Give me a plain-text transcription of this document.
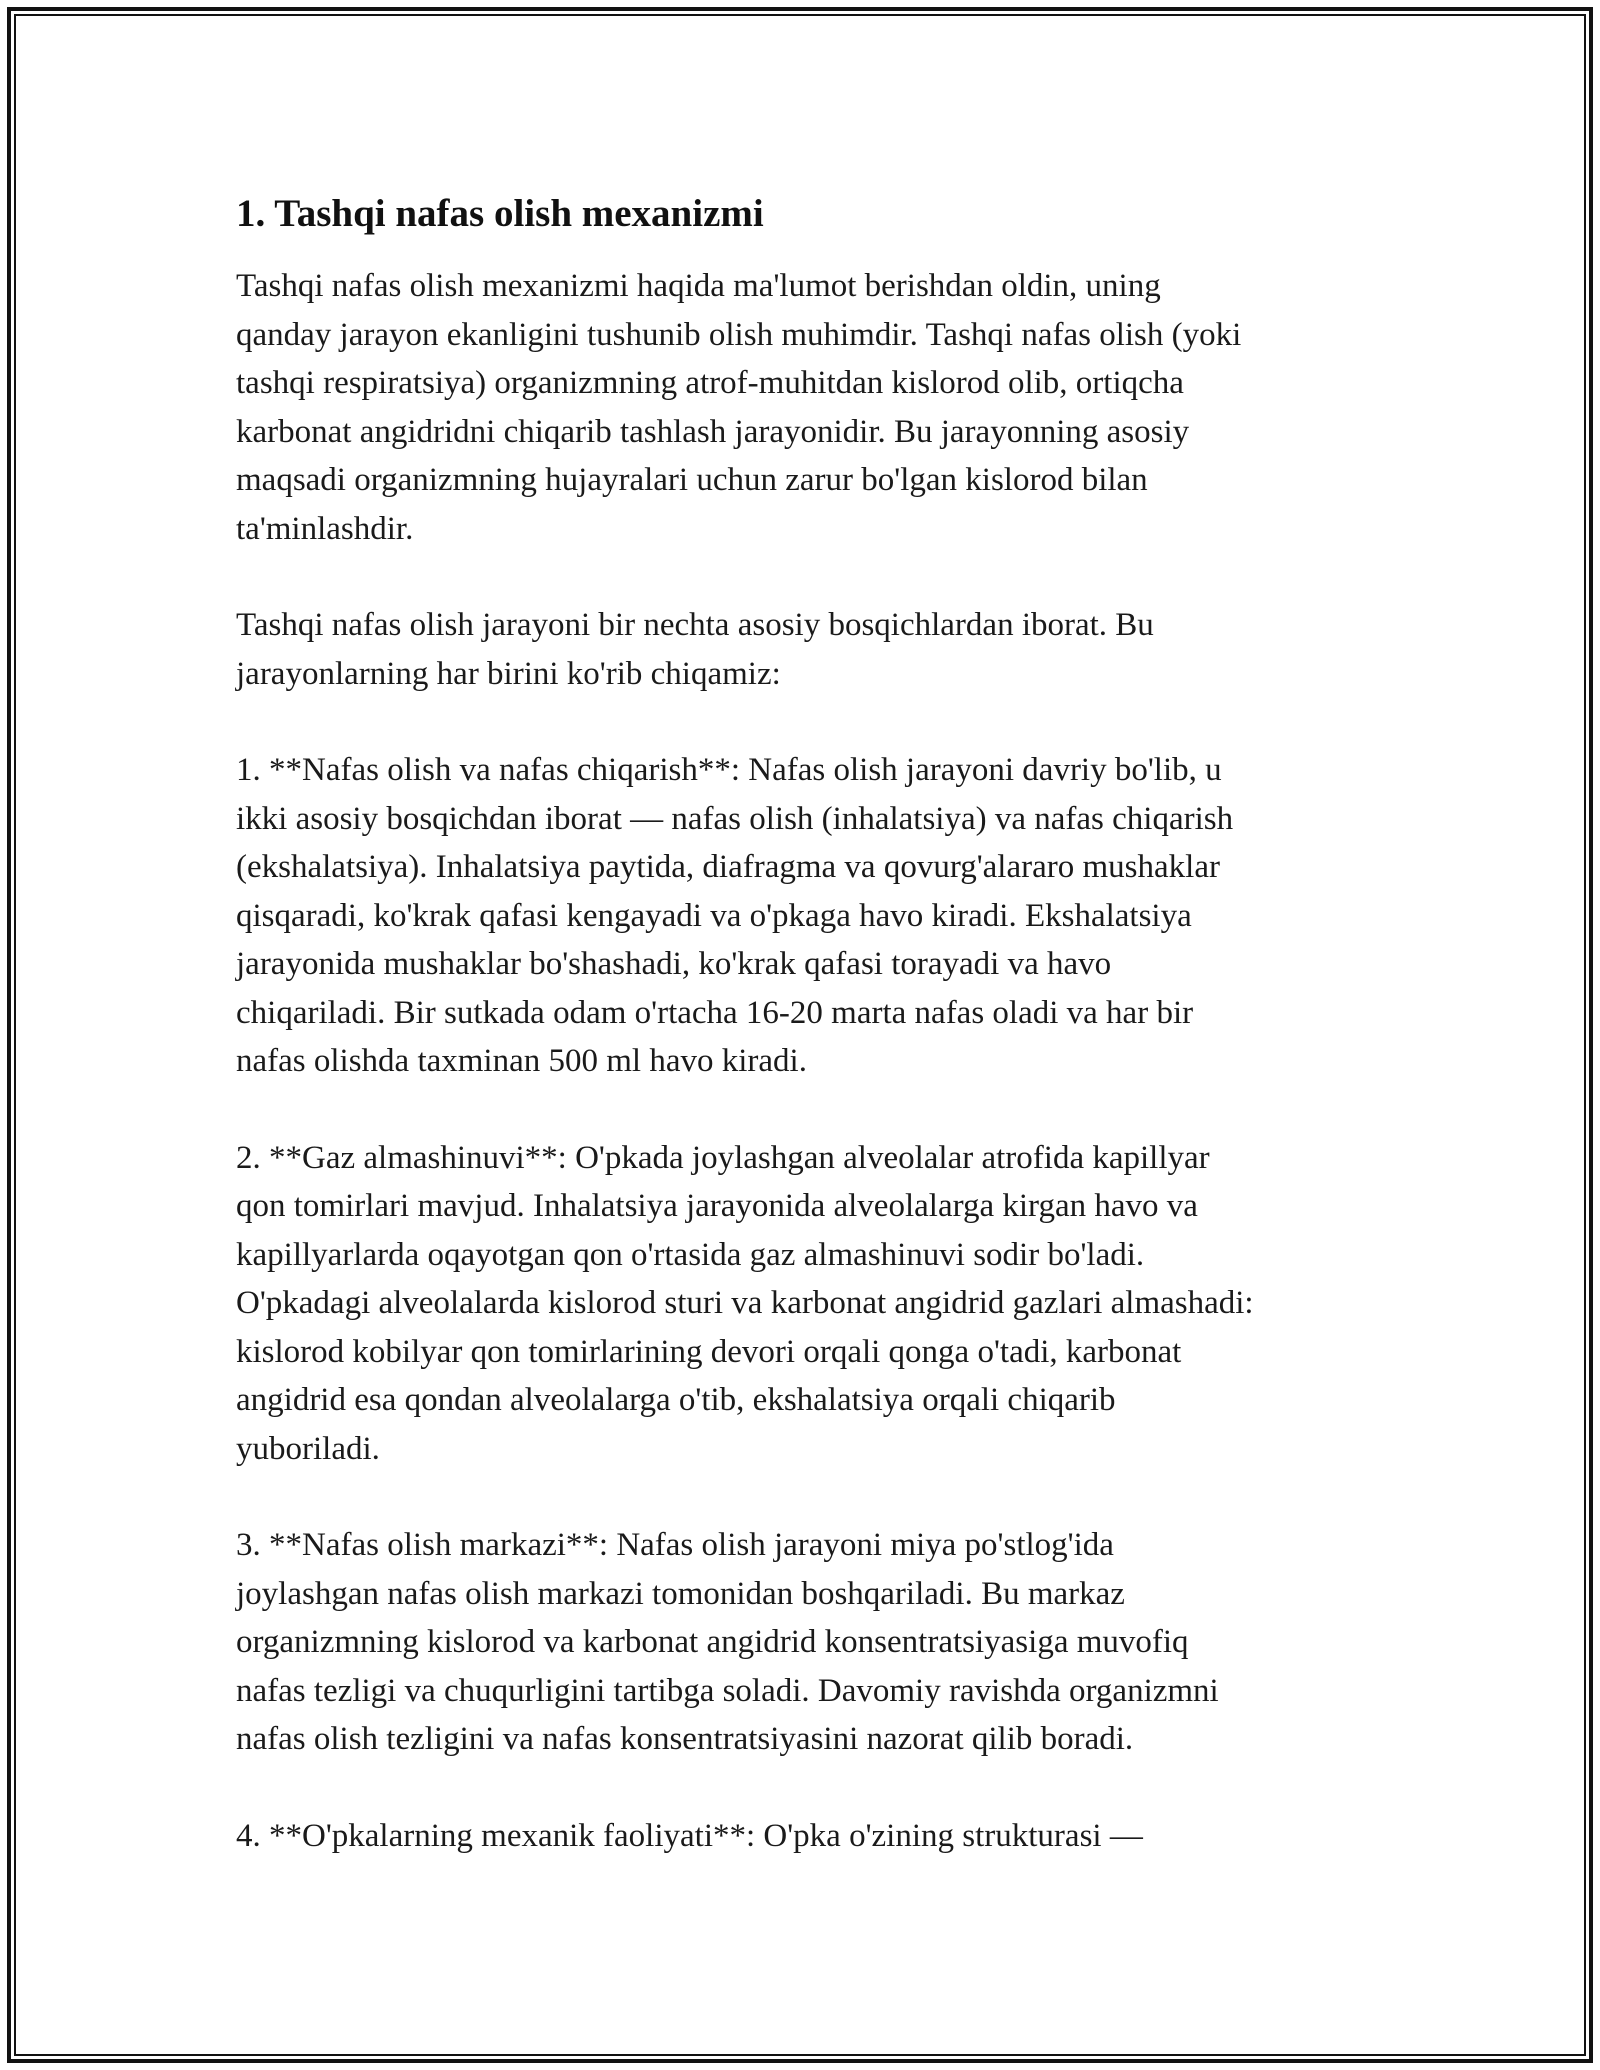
1. Tashqi nafas olish mexanizmi

Tashqi nafas olish mexanizmi haqida ma'lumot berishdan oldin, uning
qanday jarayon ekanligini tushunib olish muhimdir. Tashqi nafas olish (yoki
tashqi respiratsiya) organizmning atrof-muhitdan kislorod olib, ortiqcha
karbonat angidridni chiqarib tashlash jarayonidir. Bu jarayonning asosiy
maqsadi organizmning hujayralari uchun zarur bo'lgan kislorod bilan
ta'minlashdir.

Tashqi nafas olish jarayoni bir nechta asosiy bosqichlardan iborat. Bu
jarayonlarning har birini ko'rib chiqamiz:

1. **Nafas olish va nafas chiqarish**: Nafas olish jarayoni davriy bo'lib, u
ikki asosiy bosqichdan iborat — nafas olish (inhalatsiya) va nafas chiqarish
(ekshalatsiya). Inhalatsiya paytida, diafragma va qovurg'alararo mushaklar
qisqaradi, ko'krak qafasi kengayadi va o'pkaga havo kiradi. Ekshalatsiya
jarayonida mushaklar bo'shashadi, ko'krak qafasi torayadi va havo
chiqariladi. Bir sutkada odam o'rtacha 16-20 marta nafas oladi va har bir
nafas olishda taxminan 500 ml havo kiradi.

2. **Gaz almashinuvi**: O'pkada joylashgan alveolalar atrofida kapillyar
qon tomirlari mavjud. Inhalatsiya jarayonida alveolalarga kirgan havo va
kapillyarlarda oqayotgan qon o'rtasida gaz almashinuvi sodir bo'ladi.
O'pkadagi alveolalarda kislorod sturi va karbonat angidrid gazlari almashadi:
kislorod kobilyar qon tomirlarining devori orqali qonga o'tadi, karbonat
angidrid esa qondan alveolalarga o'tib, ekshalatsiya orqali chiqarib
yuboriladi.

3. **Nafas olish markazi**: Nafas olish jarayoni miya po'stlog'ida
joylashgan nafas olish markazi tomonidan boshqariladi. Bu markaz
organizmning kislorod va karbonat angidrid konsentratsiyasiga muvofiq
nafas tezligi va chuqurligini tartibga soladi. Davomiy ravishda organizmni
nafas olish tezligini va nafas konsentratsiyasini nazorat qilib boradi.

4. **O'pkalarning mexanik faoliyati**: O'pka o'zining strukturasi —
